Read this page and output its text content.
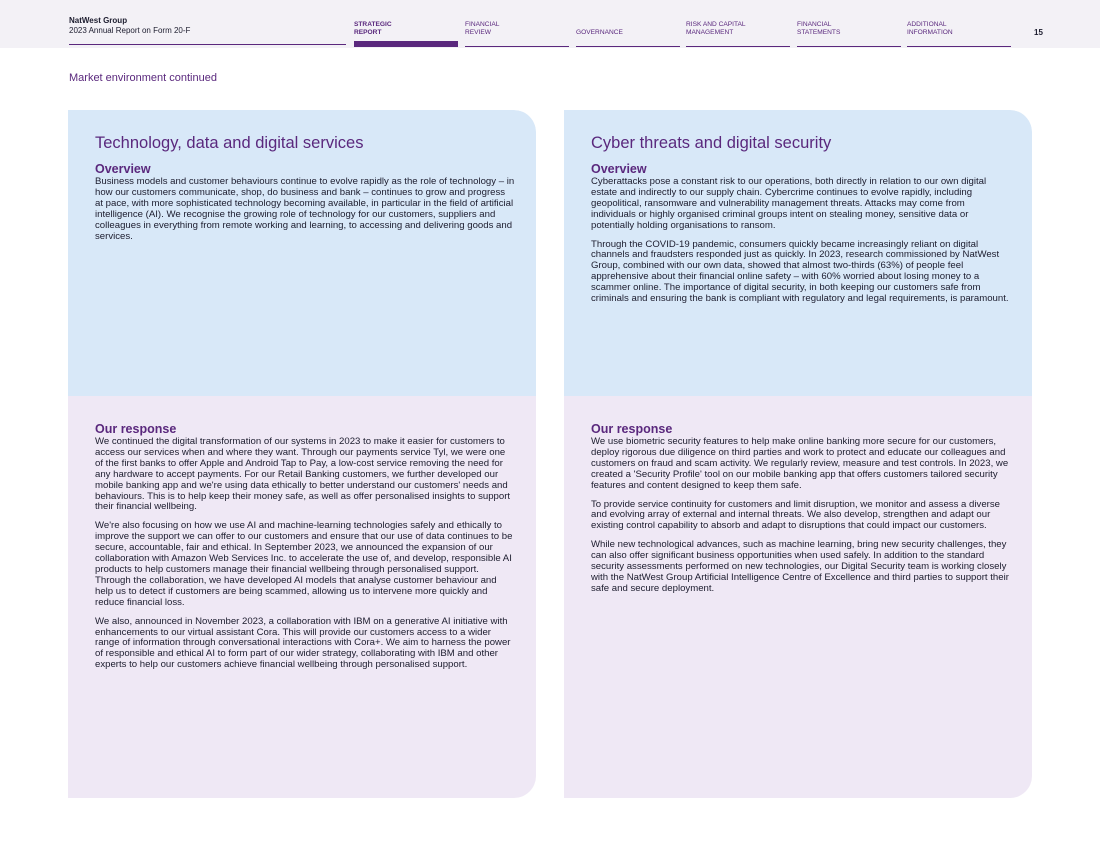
NatWest Group
2023 Annual Report on Form 20-F
STRATEGIC
REPORT
FINANCIAL
REVIEW	GOVERNANCE
RISK AND CAPITAL
MANAGEMENT
FINANCIAL
STATEMENTS
ADDITIONAL
INFORMATION	15
Market environment continued
Technology, data and digital services
Overview

Business models and customer behaviours continue to evolve rapidly as the role of technology – in how our customers communicate, shop, do business and bank – continues to grow and progress at pace, with more sophisticated technology becoming available, in particular in the field of artificial intelligence (AI). We recognise the growing role of technology for our customers, suppliers and colleagues in everything from remote working and learning, to accessing and delivering goods and services.

Our response

We continued the digital transformation of our systems in 2023 to make it easier for customers to access our services when and where they want. Through our payments service Tyl, we were one of the first banks to offer Apple and Android Tap to Pay, a low-cost service removing the need for any hardware to accept payments. For our Retail Banking customers, we further developed our mobile banking app and we're using data ethically to better understand our customers' needs and behaviours. This is to help keep their money safe, as well as offer personalised insights to support their financial wellbeing.

We're also focusing on how we use AI and machine-learning technologies safely and ethically to improve the support we can offer to our customers and ensure that our use of data continues to be secure, accountable, fair and ethical. In September 2023, we announced the expansion of our collaboration with Amazon Web Services Inc. to accelerate the use of, and develop, responsible AI products to help customers manage their financial wellbeing through personalised support. Through the collaboration, we have developed AI models that analyse customer behaviour and help us to detect if customers are being scammed, allowing us to intervene more quickly and reduce financial loss.

We also, announced in November 2023, a collaboration with IBM on a generative AI initiative with enhancements to our virtual assistant Cora. This will provide our customers access to a wider range of information through conversational interactions with Cora+. We aim to harness the power of responsible and ethical AI to form part of our wider strategy, collaborating with IBM and other experts to help our customers achieve financial wellbeing through personalised support.

Cyber threats and digital security
Overview

Cyberattacks pose a constant risk to our operations, both directly in relation to our own digital estate and indirectly to our supply chain. Cybercrime continues to evolve rapidly, including geopolitical, ransomware and vulnerability management threats. Attacks may come from individuals or highly organised criminal groups intent on stealing money, sensitive data or potentially holding organisations to ransom.

Through the COVID-19 pandemic, consumers quickly became increasingly reliant on digital channels and fraudsters responded just as quickly. In 2023, research commissioned by NatWest Group, combined with our own data, showed that almost two-thirds (63%) of people feel apprehensive about their financial online safety – with 60% worried about losing money to a scammer online. The importance of digital security, in both keeping our customers safe from criminals and ensuring the bank is compliant with regulatory and legal requirements, is paramount.

Our response

We use biometric security features to help make online banking more secure for our customers, deploy rigorous due diligence on third parties and work to protect and educate our colleagues and customers on fraud and scam activity. We regularly review, measure and test controls. In 2023, we created a 'Security Profile' tool on our mobile banking app that offers customers tailored security features and content designed to keep them safe.

To provide service continuity for customers and limit disruption, we monitor and assess a diverse and evolving array of external and internal threats. We also develop, strengthen and adapt our existing control capability to absorb and adapt to disruptions that could impact our customers.

While new technological advances, such as machine learning, bring new security challenges, they can also offer significant business opportunities when used safely. In addition to the standard security assessments performed on new technologies, our Digital Security team is working closely with the NatWest Group Artificial Intelligence Centre of Excellence and third parties to support their safe and secure deployment.
